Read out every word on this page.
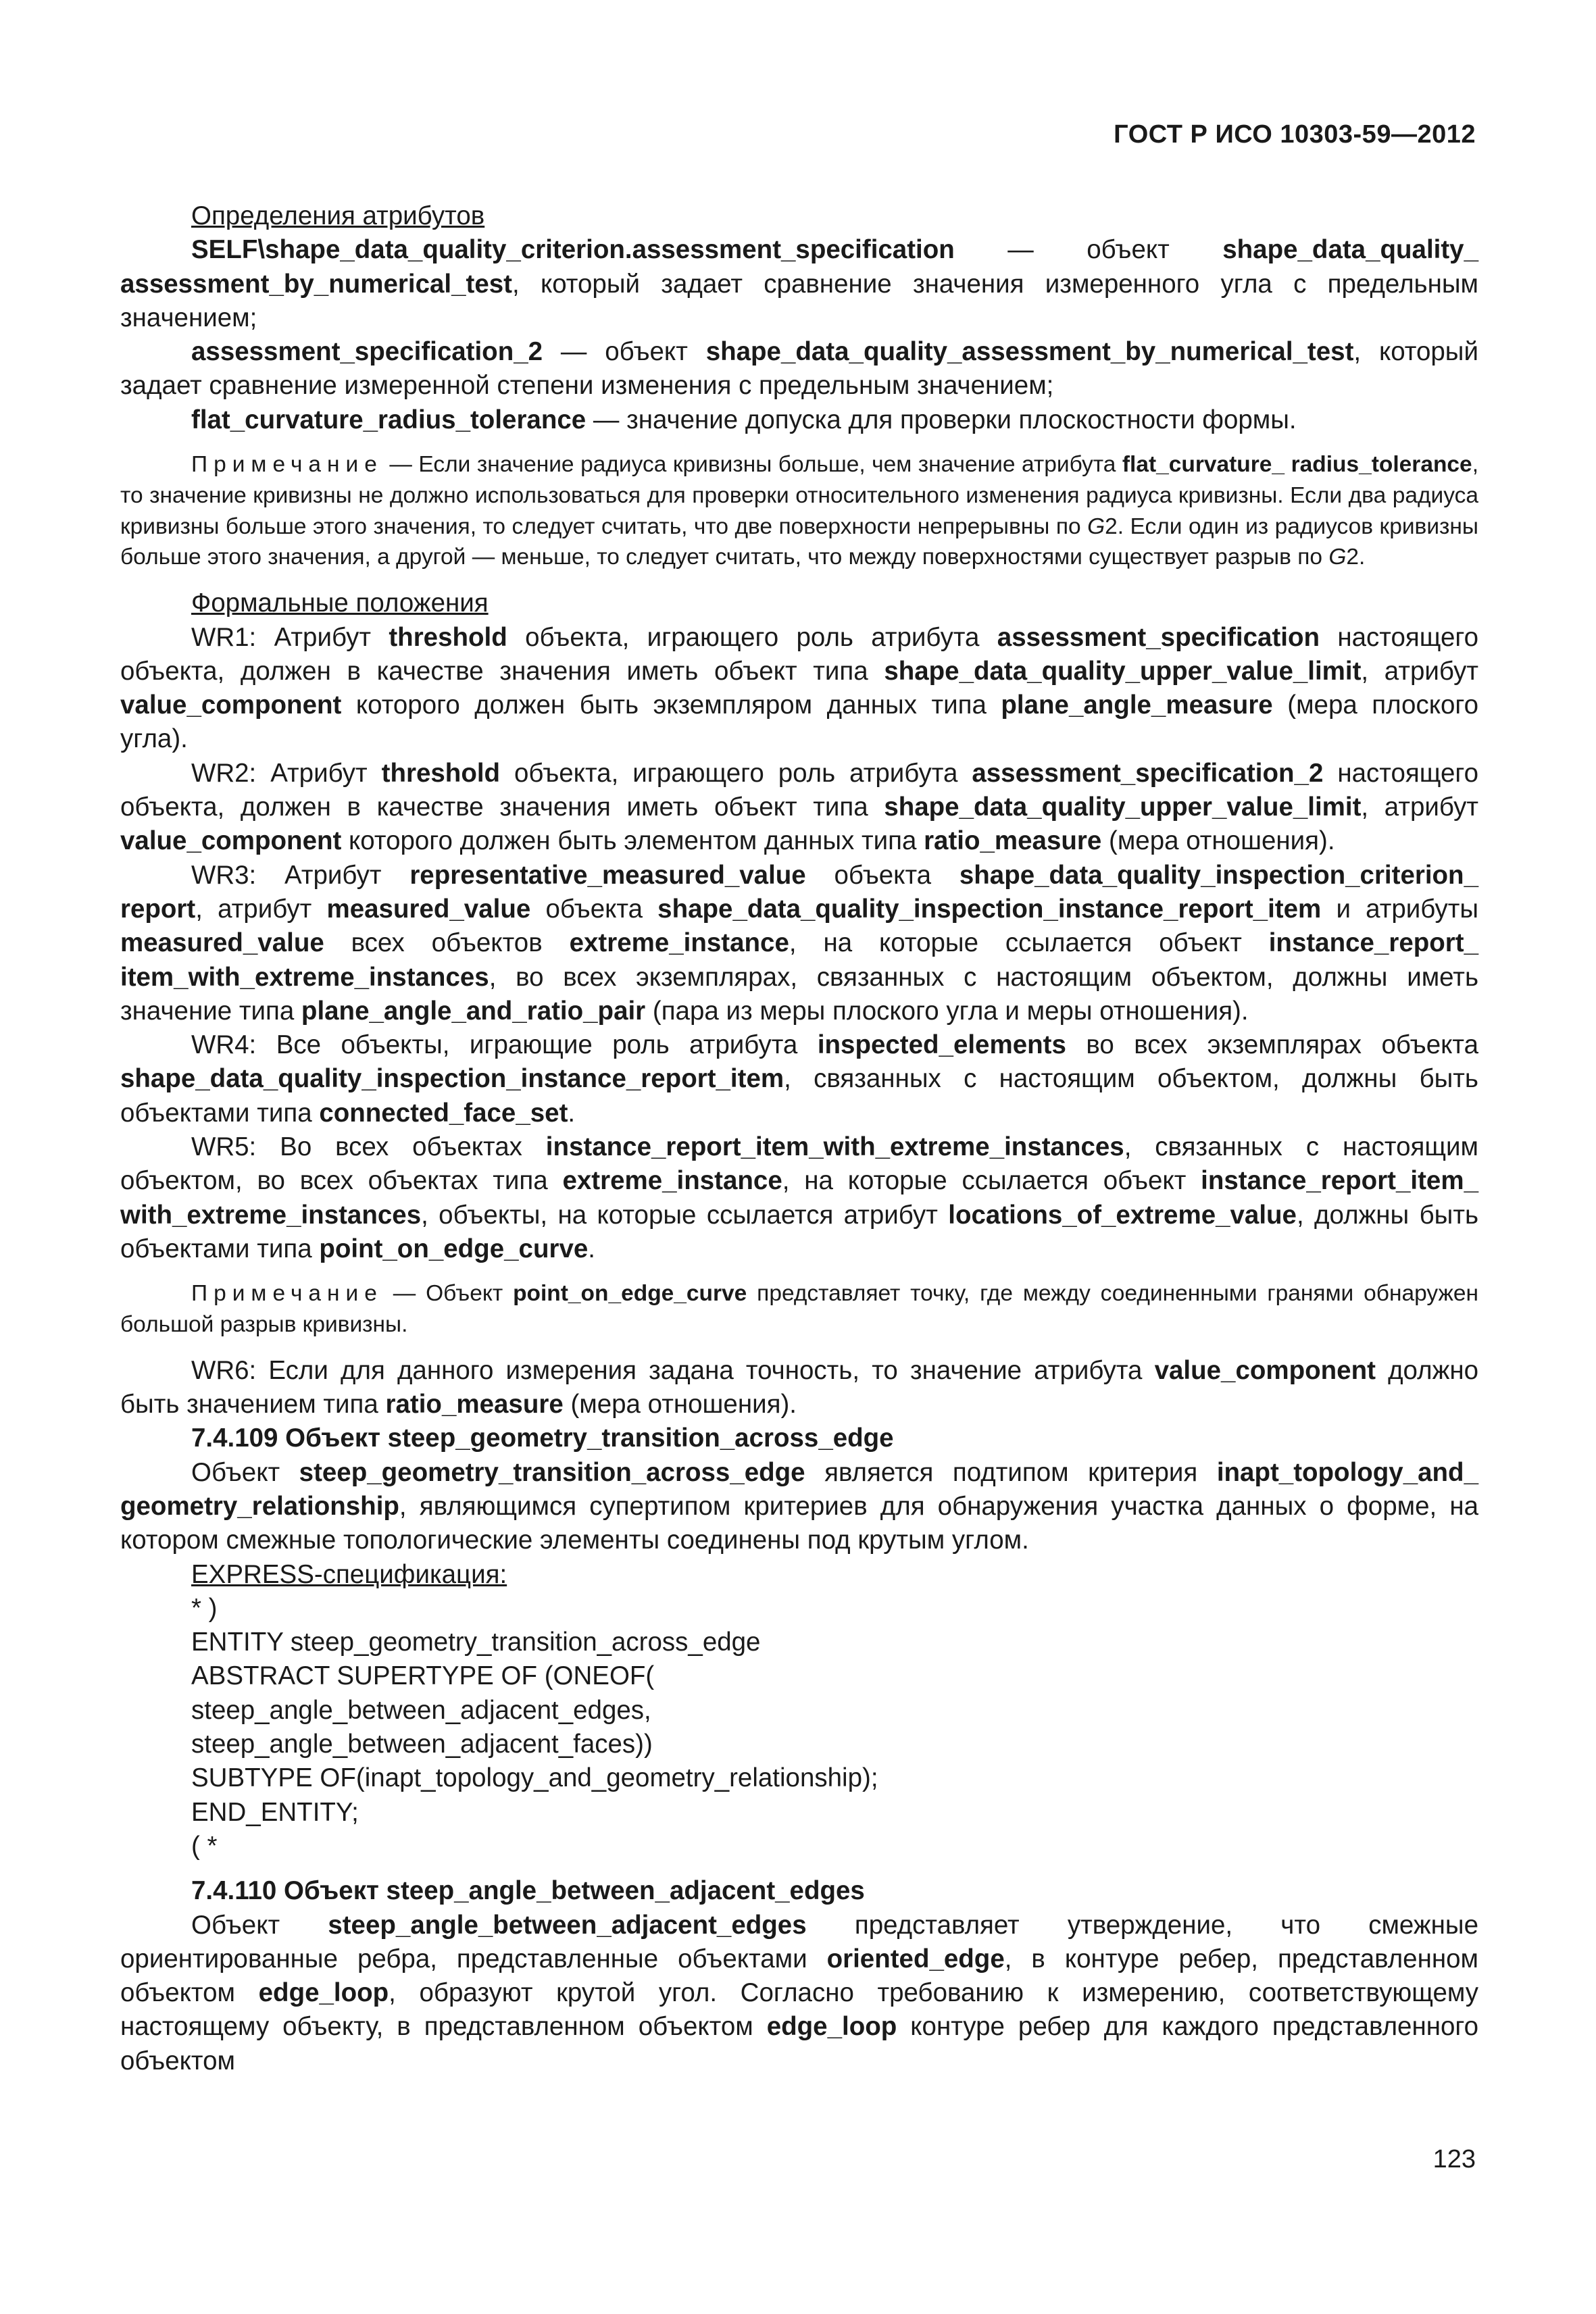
ГОСТ Р ИСО 10303-59—2012

Определения атрибутов

SELF\shape_data_quality_criterion.assessment_specification — объект shape_data_quality_ assessment_by_numerical_test, который задает сравнение значения измеренного угла с предельным значением;

assessment_specification_2 — объект shape_data_quality_assessment_by_numerical_test, который задает сравнение измеренной степени изменения с предельным значением;

flat_curvature_radius_tolerance — значение допуска для проверки плоскостности формы.

Примечание — Если значение радиуса кривизны больше, чем значение атрибута flat_curvature_ radius_tolerance, то значение кривизны не должно использоваться для проверки относительного изменения радиуса кривизны. Если два радиуса кривизны больше этого значения, то следует считать, что две поверхности непрерывны по G2. Если один из радиусов кривизны больше этого значения, а другой — меньше, то следует считать, что между поверхностями существует разрыв по G2.

Формальные положения

WR1: Атрибут threshold объекта, играющего роль атрибута assessment_specification настоящего объекта, должен в качестве значения иметь объект типа shape_data_quality_upper_value_limit, атрибут value_component которого должен быть экземпляром данных типа plane_angle_measure (мера плоского угла).

WR2: Атрибут threshold объекта, играющего роль атрибута assessment_specification_2 настоящего объекта, должен в качестве значения иметь объект типа shape_data_quality_upper_value_limit, атрибут value_component которого должен быть элементом данных типа ratio_measure (мера отношения).

WR3: Атрибут representative_measured_value объекта shape_data_quality_inspection_criterion_ report, атрибут measured_value объекта shape_data_quality_inspection_instance_report_item и атрибуты measured_value всех объектов extreme_instance, на которые ссылается объект instance_report_ item_with_extreme_instances, во всех экземплярах, связанных с настоящим объектом, должны иметь значение типа plane_angle_and_ratio_pair (пара из меры плоского угла и меры отношения).

WR4: Все объекты, играющие роль атрибута inspected_elements во всех экземплярах объекта shape_data_quality_inspection_instance_report_item, связанных с настоящим объектом, должны быть объектами типа connected_face_set.

WR5: Во всех объектах instance_report_item_with_extreme_instances, связанных с настоящим объектом, во всех объектах типа extreme_instance, на которые ссылается объект instance_report_item_ with_extreme_instances, объекты, на которые ссылается атрибут locations_of_extreme_value, должны быть объектами типа point_on_edge_curve.

Примечание — Объект point_on_edge_curve представляет точку, где между соединенными гранями обнаружен большой разрыв кривизны.

WR6: Если для данного измерения задана точность, то значение атрибута value_component должно быть значением типа ratio_measure (мера отношения).

7.4.109 Объект steep_geometry_transition_across_edge

Объект steep_geometry_transition_across_edge является подтипом критерия inapt_topology_and_ geometry_relationship, являющимся супертипом критериев для обнаружения участка данных о форме, на котором смежные топологические элементы соединены под крутым углом.

EXPRESS-спецификация:

* )

ENTITY steep_geometry_transition_across_edge

ABSTRACT SUPERTYPE OF (ONEOF(

steep_angle_between_adjacent_edges,

steep_angle_between_adjacent_faces))

SUBTYPE OF(inapt_topology_and_geometry_relationship);

END_ENTITY;

( *

7.4.110 Объект steep_angle_between_adjacent_edges

Объект steep_angle_between_adjacent_edges представляет утверждение, что смежные ориентированные ребра, представленные объектами oriented_edge, в контуре ребер, представленном объектом edge_loop, образуют крутой угол. Согласно требованию к измерению, соответствующему настоящему объекту, в представленном объектом edge_loop контуре ребер для каждого представленного объектом

123
